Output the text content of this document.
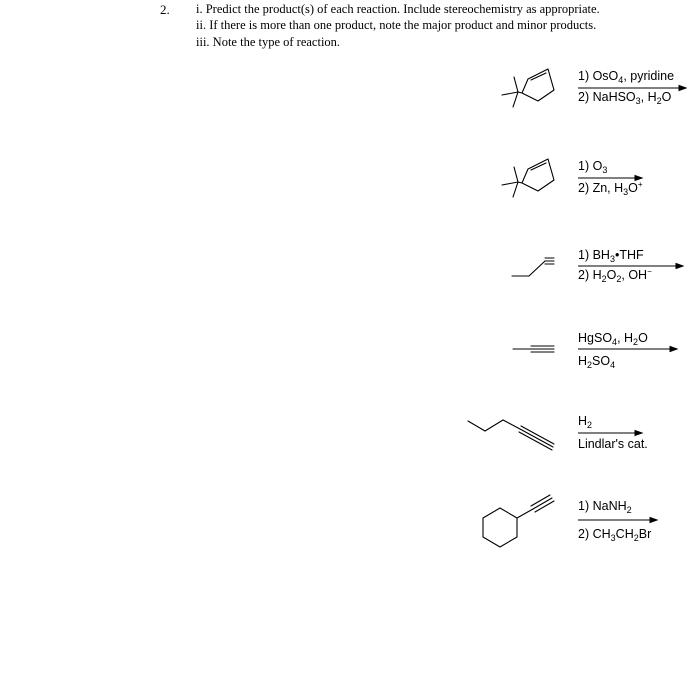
2. i. Predict the product(s) of each reaction. Include stereochemistry as appropriate.
ii. If there is more than one product, note the major product and minor products.
iii. Note the type of reaction.
1) OsO$_4$, pyridine
2) NaHSO$_3$, $H_2O$
1) $O_3$
2) Zn, $H_3O^+$
1) $BH_3•THF$
2) $H_2O_2$, OH−
HgSO$_4$, $H_2O$
$H_2SO_4$
$H_2$
Lindlar's cat.
1) NaNH$_2$
2) $CH_3CH_2Br$
